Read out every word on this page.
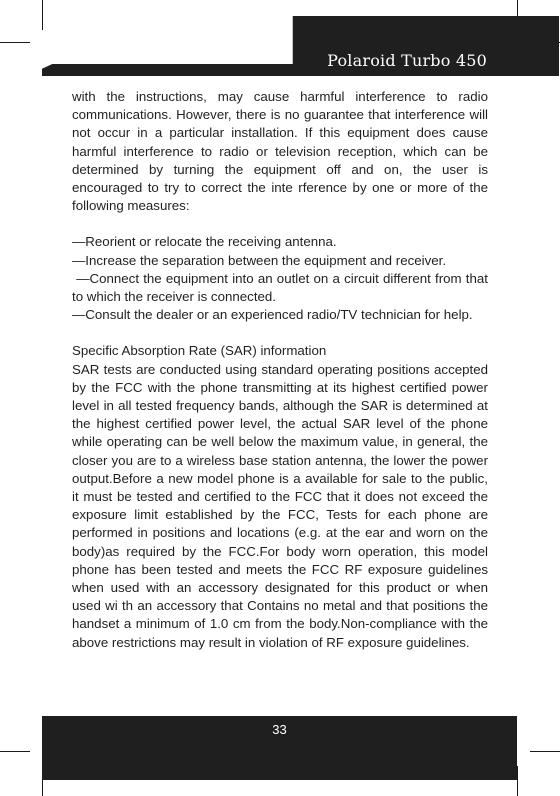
Polaroid Turbo 450

with the instructions, may cause harmful interference to radio communications. However, there is no guarantee that interference will not occur in a particular installation. If this equipment does cause harmful interference to radio or television reception, which can be determined by turning the equipment off and on, the user is encouraged to try to correct the inte rference by one or more of the following measures:

—Reorient or relocate the receiving antenna.

—Increase the separation between the equipment and receiver.

—Connect the equipment into an outlet on a circuit different from that to which the receiver is connected.

—Consult the dealer or an experienced radio/TV technician for help.

Specific Absorption Rate (SAR) information

SAR tests are conducted using standard operating positions accepted by the FCC with the phone transmitting at its highest certified power level in all tested frequency bands, although the SAR is determined at the highest certified power level, the actual SAR level of the phone while operating can be well below the maximum value, in general, the closer you are to a wireless base station antenna, the lower the power output.Before a new model phone is a available for sale to the public, it must be tested and certified to the FCC that it does not exceed the exposure limit established by the FCC, Tests for each phone are performed in positions and locations (e.g. at the ear and worn on the body)as required by the FCC.For body worn operation, this model phone has been tested and meets the FCC RF exposure guidelines when used with an accessory designated for this product or when used wi th an accessory that Contains no metal and that positions the handset a minimum of 1.0 cm from the body.Non-compliance with the above restrictions may result in violation of RF exposure guidelines.

33
